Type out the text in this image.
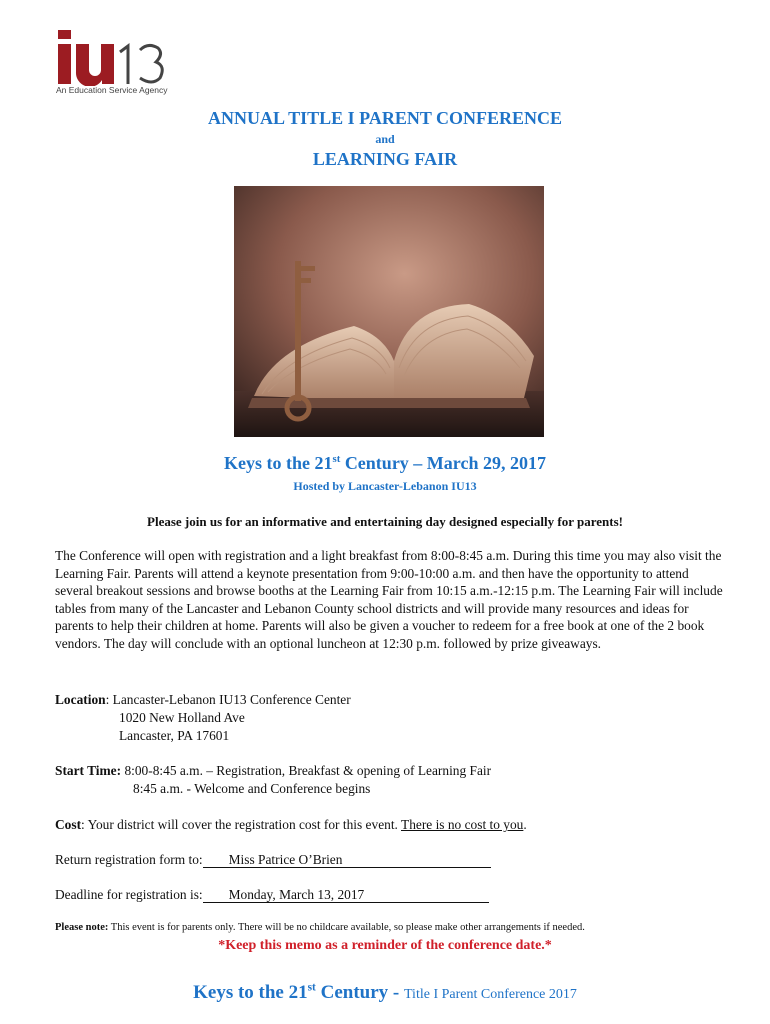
An Education Service Agency
ANNUAL TITLE I PARENT CONFERENCE
and
LEARNING FAIR
Keys to the 21st Century – March 29, 2017
Hosted by Lancaster-Lebanon IU13
Please join us for an informative and entertaining day designed especially for parents!
The Conference will open with registration and a light breakfast from 8:00-8:45 a.m. During this time you may also visit the Learning Fair. Parents will attend a keynote presentation from 9:00-10:00 a.m. and then have the opportunity to attend several breakout sessions and browse booths at the Learning Fair from 10:15 a.m.-12:15 p.m. The Learning Fair will include tables from many of the Lancaster and Lebanon County school districts and will provide many resources and ideas for parents to help their children at home. Parents will also be given a voucher to redeem for a free book at one of the 2 book vendors. The day will conclude with an optional luncheon at 12:30 p.m. followed by prize giveaways.
Location: Lancaster-Lebanon IU13 Conference Center
1020 New Holland Ave
Lancaster, PA 17601
Start Time: 8:00-8:45 a.m. – Registration, Breakfast & opening of Learning Fair
8:45 a.m. - Welcome and Conference begins
Cost: Your district will cover the registration cost for this event. There is no cost to you.
Return registration form to: Miss Patrice O’Brien
Deadline for registration is: Monday, March 13, 2017
Please note: This event is for parents only. There will be no childcare available, so please make other arrangements if needed.
*Keep this memo as a reminder of the conference date.*
Keys to the 21st Century - Title I Parent Conference 2017
